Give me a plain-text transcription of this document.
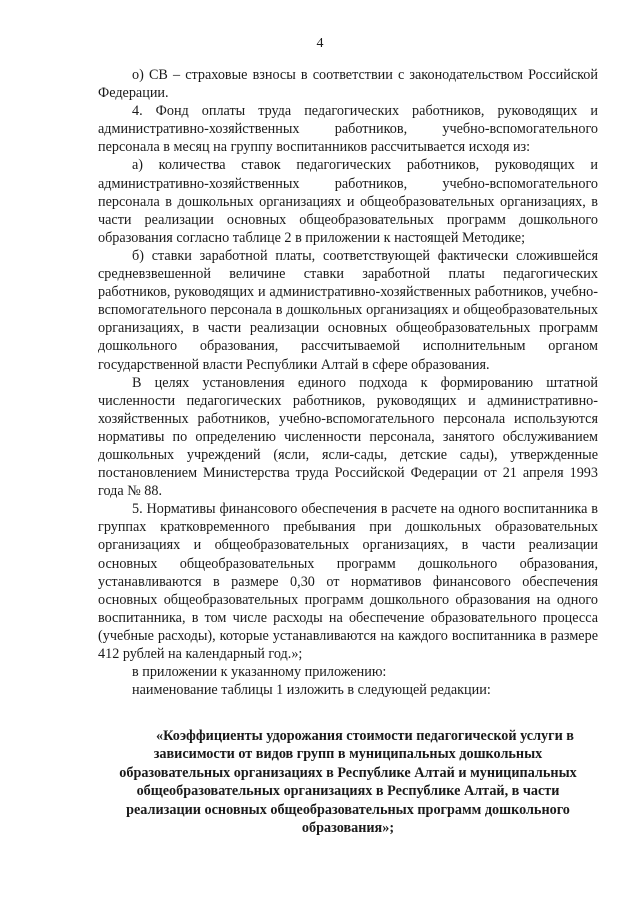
4

о) СВ – страховые взносы в соответствии с законодательством Российской Федерации.

4. Фонд оплаты труда педагогических работников, руководящих и административно-хозяйственных работников, учебно-вспомогательного персонала в месяц на группу воспитанников рассчитывается исходя из:

а) количества ставок педагогических работников, руководящих и административно-хозяйственных работников, учебно-вспомогательного персонала в дошкольных организациях и общеобразовательных организациях, в части реализации основных общеобразовательных программ дошкольного образования согласно таблице 2 в приложении к настоящей Методике;

б) ставки заработной платы, соответствующей фактически сложившейся средневзвешенной величине ставки заработной платы педагогических работников, руководящих и административно-хозяйственных работников, учебно-вспомогательного персонала в дошкольных организациях и общеобразовательных организациях, в части реализации основных общеобразовательных программ дошкольного образования, рассчитываемой исполнительным органом государственной власти Республики Алтай в сфере образования.

В целях установления единого подхода к формированию штатной численности педагогических работников, руководящих и административно-хозяйственных работников, учебно-вспомогательного персонала используются нормативы по определению численности персонала, занятого обслуживанием дошкольных учреждений (ясли, ясли-сады, детские сады), утвержденные постановлением Министерства труда Российской Федерации от 21 апреля 1993 года № 88.

5. Нормативы финансового обеспечения в расчете на одного воспитанника в группах кратковременного пребывания при дошкольных образовательных организациях и общеобразовательных организациях, в части реализации основных общеобразовательных программ дошкольного образования, устанавливаются в размере 0,30 от нормативов финансового обеспечения основных общеобразовательных программ дошкольного образования на одного воспитанника, в том числе расходы на обеспечение образовательного процесса (учебные расходы), которые устанавливаются на каждого воспитанника в размере 412 рублей на календарный год.»;

в приложении к указанному приложению:

наименование таблицы 1 изложить в следующей редакции:

«Коэффициенты удорожания стоимости педагогической услуги в зависимости от видов групп в муниципальных дошкольных образовательных организациях в Республике Алтай и муниципальных общеобразовательных организациях в Республике Алтай, в части реализации основных общеобразовательных программ дошкольного образования»;
